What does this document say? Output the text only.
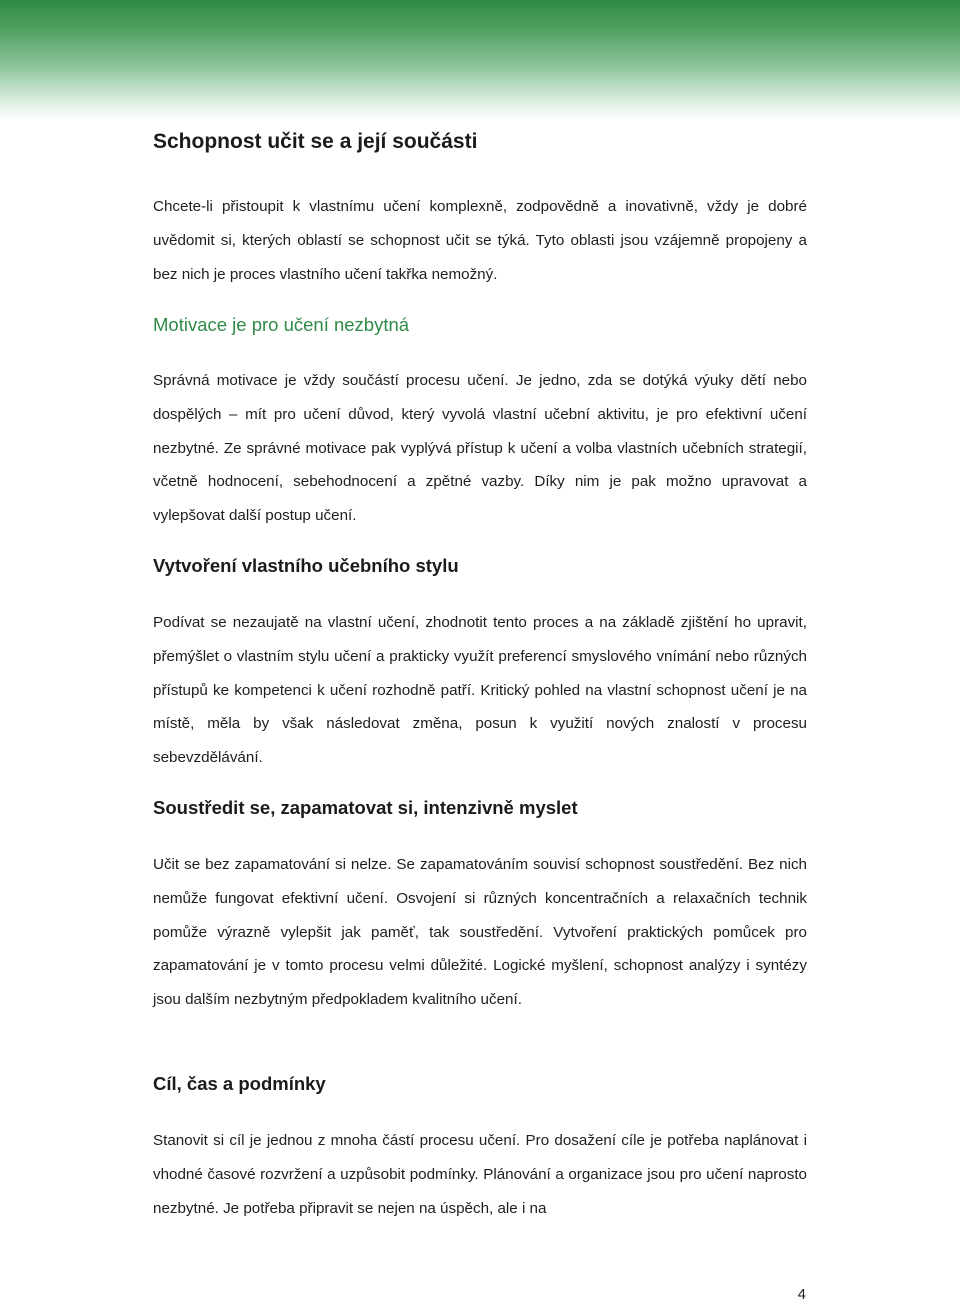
Schopnost učit se a její součásti

Chcete-li přistoupit k vlastnímu učení komplexně, zodpovědně a inovativně, vždy je dobré uvědomit si, kterých oblastí se schopnost učit se týká. Tyto oblasti jsou vzájemně propojeny a bez nich je proces vlastního učení takřka nemožný.

Motivace je pro učení nezbytná

Správná motivace je vždy součástí procesu učení. Je jedno, zda se dotýká výuky dětí nebo dospělých – mít pro učení důvod, který vyvolá vlastní učební aktivitu, je pro efektivní učení nezbytné. Ze správné motivace pak vyplývá přístup k učení a volba vlastních učebních strategií, včetně hodnocení, sebehodnocení a zpětné vazby. Díky nim je pak možno upravovat a vylepšovat další postup učení.

Vytvoření vlastního učebního stylu

Podívat se nezaujatě na vlastní učení, zhodnotit tento proces a na základě zjištění ho upravit, přemýšlet o vlastním stylu učení a prakticky využít preferencí smyslového vnímání nebo různých přístupů ke kompetenci k učení rozhodně patří. Kritický pohled na vlastní schopnost učení je na místě, měla by však následovat změna, posun k využití nových znalostí v procesu sebevzdělávání.

Soustředit se, zapamatovat si, intenzivně myslet

Učit se bez zapamatování si nelze. Se zapamatováním souvisí schopnost soustředění. Bez nich nemůže fungovat efektivní učení. Osvojení si různých koncentračních a relaxačních technik pomůže výrazně vylepšit jak paměť, tak soustředění. Vytvoření praktických pomůcek pro zapamatování je v tomto procesu velmi důležité. Logické myšlení, schopnost analýzy i syntézy jsou dalším nezbytným předpokladem kvalitního učení.

Cíl, čas a podmínky

Stanovit si cíl je jednou z mnoha částí procesu učení. Pro dosažení cíle je potřeba naplánovat i vhodné časové rozvržení a uzpůsobit podmínky. Plánování a organizace jsou pro učení naprosto nezbytné. Je potřeba připravit se nejen na úspěch, ale i na

4
